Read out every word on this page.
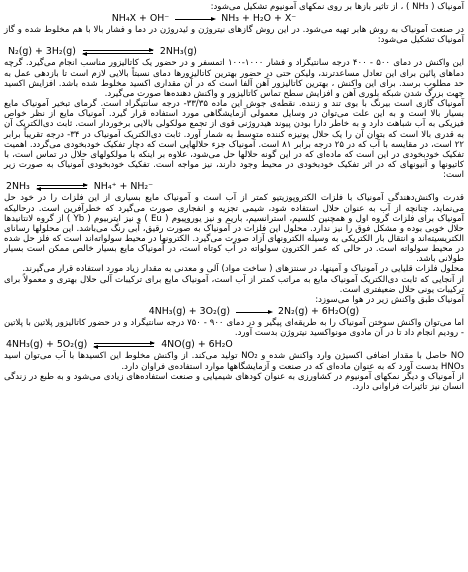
آمونیاک ( NH₃ ) ، از تاثیر بازها بر روی نمکهای آمونیوم تشکیل می‌شود:

NH₄X + OH⁻	NH₃ + H₂O + X⁻

در صنعت آمونیاک به روش هابر تهیه می‌شود. در این روش گازهای نیتروژن و ئیدروژن در دما و فشار بالا با هم مخلوط شده و گاز آمونیاک تشکیل می‌شود:

N₂(g) + 3H₂(g)	2NH₃(g)

این واکنش در دمای ۵۰۰ - ۴۰۰ درجه سانتیگراد و فشار ۱۰۰۰-۱۰۰ اتمسفر و در حضور یک کاتالیزور مناسب انجام می‌گیرد. گرچه دماهای پائین برای این تعادل مساعدترند، ولیکن حتی در حضور بهترین کاتالیزورها دمای نسبتاً بالایی لازم است تا بازدهی عمل به حد مطلوب برسد. برای این واکنش ، بهترین کاتالیزور آهن آلفا است که در آن مقداری اکسید مخلوط شده باشد. افزایش اکسید جهت بزرگ شدن شبکه بلوری آهن و افزایش سطح تماس کاتالیزور و واکنش دهنده‌ها صورت می‌گیرد.

آمونیاک گازی است بیرنگ با بوی تند و زننده. نقطه‌ی جوش این ماده ۳۳/۳۵- درجه سانتیگراد است. گرمای تبخیر آمونیاک مایع بسیار بالا است و به این علت می‌توان در وسایل معمولی آزمایشگاهی مورد استفاده قرار گیرد. آمونیاک مایع از نظر خواص فیزیکی به آب شباهت دارد و به خاطر دارا بودن پیوند هیدروژنی قوی از تجمع مولکولی بالایی برخوردار است. ثابت دی‌الکتریک آن به قدری بالا است که بتوان آن را یک حلال یونیزه کننده متوسط به شمار آورد. ثابت دی‌الکتریک آمونیاک در ۳۴- درجه تقریباً برابر ۲۲ است، در مقایسه با آب که در ۲۵ درجه برابر ۸۱ است. آمونیاک جزء حلالهایی است که دچار تفکیک خودبخودی می‌گردد. اهمیت تفکیک خودبخودی در این است که ماده‌ای که در این گونه حلالها حل می‌شود، علاوه بر اینکه با مولکولهای حلال در تماس است، با کاتیونها و آنیونهای که در اثر تفکیک خودبخودی در محیط وجود دارند، نیز مواجه است. تفکیک خودبخودی آمونیاک به صورت زیر است:

2NH₃	NH₄⁺ + NH₂⁻

قدرت واکنش‌دهندگی آمونیاک با فلزات الکتروپوزیتیو کمتر از آب است و آمونیاک مایع بسیاری از این فلزات را در خود حل می‌نماید، چنانچه از آب به عنوان حلال استفاده شود، شیمی تجزیه و انفجاری صورت می‌گیرد که خطرآفرین است. درحالیکه آمونیاک برای فلزات گروه اول و همچنین کلسیم، استرانسیم، باریم و نیز یوروپیوم ( Eu ) و نیز ایتربیوم ( Yb ) از گروه لانتانیدها حلال خوبی بوده و مشکل فوق را نیز ندارد. محلول این فلزات در آمونیاک به صورت رقیق، آبی رنگ می‌باشد. این محلولها رسانای الکتریسیته‌اند و انتقال بار الکتریکی به وسیله الکترونهای آزاد صورت می‌گیرد. الکترونها در محیط سولواته‌اند است که فلز حل شده در محیط سولواته است. در حالی که عمر الکترون سولواته در آب کوتاه است، در آمونیاک مایع بسیار خالص ممکن است بسیار طولانی باشد.

محلول فلزات قلیایی در آمونیاک و آمینها، در سنتزهای ( ساخت مواد) آلی و معدنی به مقدار زیاد مورد استفاده قرار می‌گیرند.

از آنجایی که ثابت دی‌الکتریک آمونیاک مایع به مراتب کمتر از آب است، آمونیاک مایع برای ترکیبات آلی حلال بهتری و معمولاً برای ترکیبات یونی حلال ضعیفتری است.

آمونیاک طبق واکنش زیر در هوا می‌سوزد:

4NH₃(g) + 3O₂(g)	2N₂(g) + 6H₂O(g)

اما می‌توان واکنش سوختن آمونیاک را به طریقه‌ای پیگیر و در دمای ۹۰۰ - ۷۵۰ درجه سانتیگراد و در حضور کاتالیزور پلاتین با پلاتین - رودیم انجام داد تا در آن مادوی مونواکسید نیتروژن بدست آورد.

4NH₃(g) + 5O₂(g)	4NO(g) + 6H₂O

NO حاصل با مقدار اضافی اکسیژن وارد واکنش شده و NO₂ تولید می‌کند. از واکنش مخلوط این اکسیدها با آب می‌توان اسید HNO₃ بدست آورد که به عنوان ماده‌ای که در صنعت و آزمایشگاهها موارد استفاده‌ی فراوان دارد.

از آمونیاک و دیگر نمکهای آمونیوم در کشاورزی به عنوان کودهای شیمیایی و صنعت استفاده‌های زیادی می‌شود و به طبع در زندگی انسان نیز تاثیرات فراوانی دارد.
